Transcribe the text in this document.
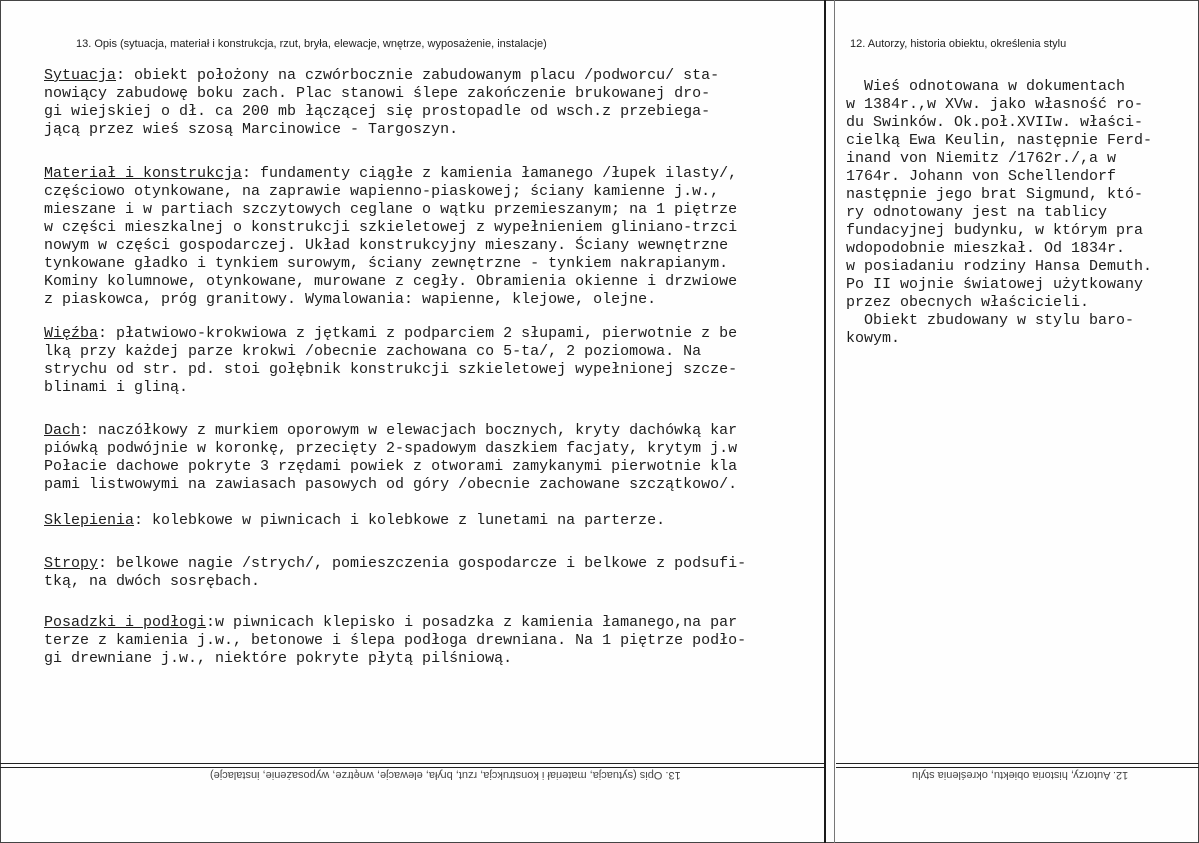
13. Opis (sytuacja, materiał i konstrukcja, rzut, bryła, elewacje, wnętrze, wyposażenie, instalacje)	12. Autorzy, historia obiektu, określenia stylu
Sytuacja: obiekt położony na czwórbocznie zabudowanym placu /podworcu/ sta-
nowiący zabudowę boku zach. Plac stanowi ślepe zakończenie brukowanej dro-
gi wiejskiej o dł. ca 200 mb łączącej się prostopadle od wsch.z przebiega-
jącą przez wieś szosą Marcinowice - Targoszyn.
Materiał i konstrukcja: fundamenty ciągłe z kamienia łamanego /łupek ilasty/,
częściowo otynkowane, na zaprawie wapienno-piaskowej; ściany kamienne j.w.,
mieszane i w partiach szczytowych ceglane o wątku przemieszanym; na 1 piętrze
w części mieszkalnej o konstrukcji szkieletowej z wypełnieniem gliniano-trzci
nowym w części gospodarczej. Układ konstrukcyjny mieszany. Ściany wewnętrzne
tynkowane gładko i tynkiem surowym, ściany zewnętrzne - tynkiem nakrapianym.
Kominy kolumnowe, otynkowane, murowane z cegły. Obramienia okienne i drzwiowe
z piaskowca, próg granitowy. Wymalowania: wapienne, klejowe, olejne.
Więźba: płatwiowo-krokwiowa z jętkami z podparciem 2 słupami, pierwotnie z be
lką przy każdej parze krokwi /obecnie zachowana co 5-ta/, 2 poziomowa. Na
strychu od str. pd. stoi gołębnik konstrukcji szkieletowej wypełnionej szcze-
blinami i gliną.
Dach: naczółkowy z murkiem oporowym w elewacjach bocznych, kryty dachówką kar
piówką podwójnie w koronkę, przecięty 2-spadowym daszkiem facjaty, krytym j.w
Połacie dachowe pokryte 3 rzędami powiek z otworami zamykanymi pierwotnie kla
pami listwowymi na zawiasach pasowych od góry /obecnie zachowane szczątkowo/.
Sklepienia: kolebkowe w piwnicach i kolebkowe z lunetami na parterze.
Stropy: belkowe nagie /strych/, pomieszczenia gospodarcze i belkowe z podsufi-
tką, na dwóch sosrębach.
Posadzki i podłogi:w piwnicach klepisko i posadzka z kamienia łamanego,na par
terze z kamienia j.w., betonowe i ślepa podłoga drewniana. Na 1 piętrze podło-
gi drewniane j.w., niektóre pokryte płytą pilśniową.
Wieś odnotowana w dokumentach
w 1384r.,w XVw. jako własność ro-
du Swinków. Ok.poł.XVIIw. właści-
cielką Ewa Keulin, następnie Ferd-
inand von Niemitz /1762r./,a w
1764r. Johann von Schellendorf
następnie jego brat Sigmund, któ-
ry odnotowany jest na tablicy
fundacyjnej budynku, w którym pra
wdopodobnie mieszkał. Od 1834r.
w posiadaniu rodziny Hansa Demuth.
Po II wojnie światowej użytkowany
przez obecnych właścicieli.
Obiekt zbudowany w stylu baro-
kowym.
13. Opis (sytuacja, materiał i konstrukcja, rzut, bryła, elewacje, wnętrze, wyposażenie, instalacje)	12. Autorzy, historia obiektu, określenia stylu
